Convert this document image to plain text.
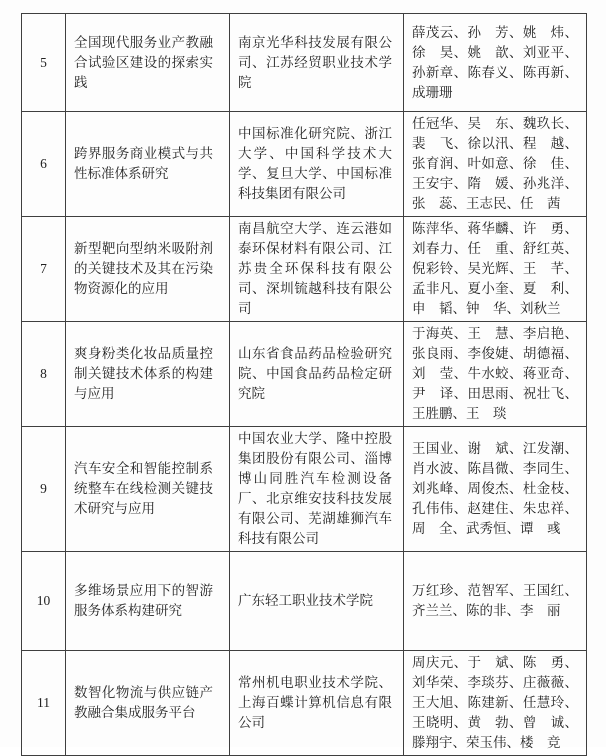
5	全国现代服务业产教融合试验区建设的探索实践	南京光华科技发展有限公司、江苏经贸职业技术学院	薛茂云、孙　芳、姚　炜、徐　昊、姚　歆、刘亚平、孙新章、陈春义、陈再新、成珊珊
6	跨界服务商业模式与共性标准体系研究	中国标准化研究院、浙江大学、中国科学技术大学、复旦大学、中国标准科技集团有限公司	任冠华、吴　东、魏玖长、裴　飞、徐以汛、程　越、张育润、叶如意、徐　佳、王安宇、隋　媛、孙兆洋、张　蕊、王志民、任　茜
7	新型靶向型纳米吸附剂的关键技术及其在污染物资源化的应用	南昌航空大学、连云港如泰环保材料有限公司、江苏贵全环保科技有限公司、深圳锍越科技有限公司	陈萍华、蒋华麟、许　勇、刘春力、任　重、舒红英、倪彩铃、吴光辉、王　芊、孟非凡、夏小奎、夏　利、申　韬、钟　华、刘秋兰
8	爽身粉类化妆品质量控制关键技术体系的构建与应用	山东省食品药品检验研究院、中国食品药品检定研究院	于海英、王　慧、李启艳、张良雨、李俊婕、胡德福、刘　莹、牛水蛟、蒋亚奇、尹　译、田思雨、祝壮飞、王胜鹏、王　琰
9	汽车安全和智能控制系统整车在线检测关键技术研究与应用	中国农业大学、隆中控股集团股份有限公司、淄博博山同胜汽车检测设备厂、北京维安技科技发展有限公司、芜湖雄狮汽车科技有限公司	王国业、谢　斌、江发潮、肖水波、陈昌微、李同生、刘兆峰、周俊杰、杜金枝、孔伟伟、赵建住、朱忠祥、周　全、武秀恒、谭　彧
10	多维场景应用下的智游服务体系构建研究	广东轻工职业技术学院	万红珍、范智军、王国红、齐兰兰、陈的非、李　丽
11	数智化物流与供应链产教融合集成服务平台	常州机电职业技术学院、上海百蝶计算机信息有限公司	周庆元、于　斌、陈　勇、刘华荣、李琰芬、庄薇薇、王大旭、陈建新、任慧玲、王晓明、黄　勃、曾　诚、滕翔宇、荣玉伟、楼　竞
